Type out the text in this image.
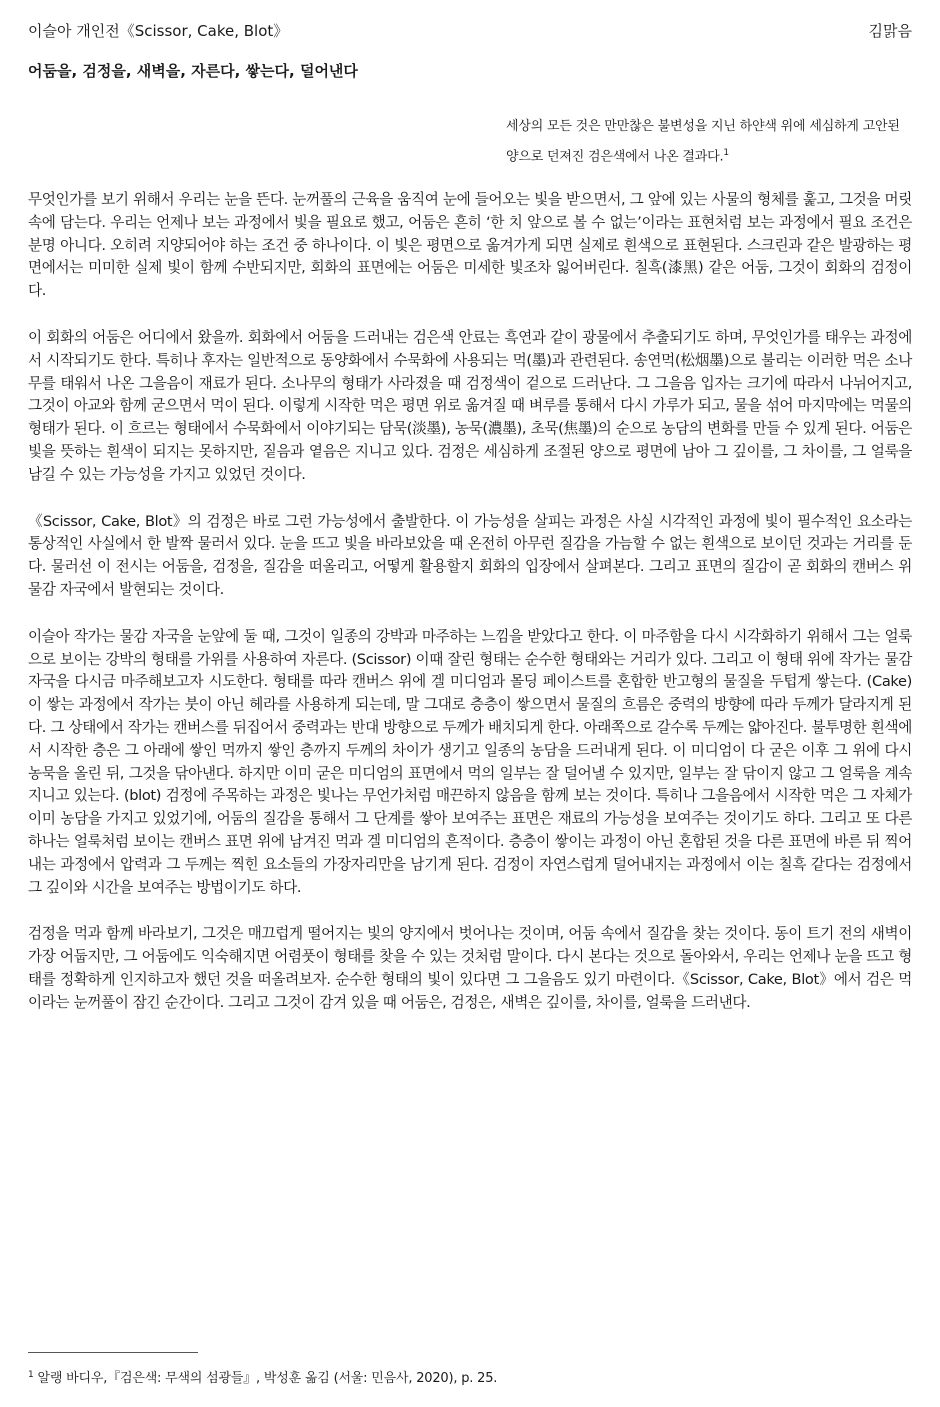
이슬아 개인전《Scissor, Cake, Blot》	김맑음
어둠을, 검정을, 새벽을, 자른다, 쌓는다, 덜어낸다
세상의 모든 것은 만만찮은 불변성을 지닌 하얀색 위에 세심하게 고안된 양으로 던져진 검은색에서 나온 결과다.$^1$

무엇인가를 보기 위해서 우리는 눈을 뜬다. 눈꺼풀의 근육을 움직여 눈에 들어오는 빛을 받으면서, 그 앞에 있는 사물의 형체를 훑고, 그것을 머릿속에 담는다. 우리는 언제나 보는 과정에서 빛을 필요로 했고, 어둠은 흔히 ‘한 치 앞으로 볼 수 없는’이라는 표현처럼 보는 과정에서 필요 조건은 분명 아니다. 오히려 지양되어야 하는 조건 중 하나이다. 이 빛은 평면으로 옮겨가게 되면 실제로 흰색으로 표현된다. 스크린과 같은 발광하는 평면에서는 미미한 실제 빛이 함께 수반되지만, 회화의 표면에는 어둠은 미세한 빛조차 잃어버린다. 칠흑(漆黑) 같은 어둠, 그것이 회화의 검정이다.

이 회화의 어둠은 어디에서 왔을까. 회화에서 어둠을 드러내는 검은색 안료는 흑연과 같이 광물에서 추출되기도 하며, 무엇인가를 태우는 과정에서 시작되기도 한다. 특히나 후자는 일반적으로 동양화에서 수묵화에 사용되는 먹(墨)과 관련된다. 송연먹(松烟墨)으로 불리는 이러한 먹은 소나무를 태워서 나온 그을음이 재료가 된다. 소나무의 형태가 사라졌을 때 검정색이 겉으로 드러난다. 그 그을음 입자는 크기에 따라서 나뉘어지고, 그것이 아교와 함께 굳으면서 먹이 된다. 이렇게 시작한 먹은 평면 위로 옮겨질 때 벼루를 통해서 다시 가루가 되고, 물을 섞어 마지막에는 먹물의 형태가 된다. 이 흐르는 형태에서 수묵화에서 이야기되는 담묵(淡墨), 농묵(濃墨), 초묵(焦墨)의 순으로 농담의 변화를 만들 수 있게 된다. 어둠은 빛을 뜻하는 흰색이 되지는 못하지만, 짙음과 옅음은 지니고 있다. 검정은 세심하게 조절된 양으로 평면에 남아 그 깊이를, 그 차이를, 그 얼룩을 남길 수 있는 가능성을 가지고 있었던 것이다.

《Scissor, Cake, Blot》의 검정은 바로 그런 가능성에서 출발한다. 이 가능성을 살피는 과정은 사실 시각적인 과정에 빛이 필수적인 요소라는 통상적인 사실에서 한 발짝 물러서 있다. 눈을 뜨고 빛을 바라보았을 때 온전히 아무런 질감을 가늠할 수 없는 흰색으로 보이던 것과는 거리를 둔다. 물러선 이 전시는 어둠을, 검정을, 질감을 떠올리고, 어떻게 활용할지 회화의 입장에서 살펴본다. 그리고 표면의 질감이 곧 회화의 캔버스 위 물감 자국에서 발현되는 것이다.

이슬아 작가는 물감 자국을 눈앞에 둘 때, 그것이 일종의 강박과 마주하는 느낌을 받았다고 한다. 이 마주함을 다시 시각화하기 위해서 그는 얼룩으로 보이는 강박의 형태를 가위를 사용하여 자른다. (Scissor) 이때 잘린 형태는 순수한 형태와는 거리가 있다. 그리고 이 형태 위에 작가는 물감 자국을 다시금 마주해보고자 시도한다. 형태를 따라 캔버스 위에 겔 미디엄과 몰딩 페이스트를 혼합한 반고형의 물질을 두텁게 쌓는다. (Cake) 이 쌓는 과정에서 작가는 붓이 아닌 헤라를 사용하게 되는데, 말 그대로 층층이 쌓으면서 물질의 흐름은 중력의 방향에 따라 두께가 달라지게 된다. 그 상태에서 작가는 캔버스를 뒤집어서 중력과는 반대 방향으로 두께가 배치되게 한다. 아래쪽으로 갈수록 두께는 얇아진다. 불투명한 흰색에서 시작한 층은 그 아래에 쌓인 먹까지 쌓인 층까지 두께의 차이가 생기고 일종의 농담을 드러내게 된다. 이 미디엄이 다 굳은 이후 그 위에 다시 농묵을 올린 뒤, 그것을 닦아낸다. 하지만 이미 굳은 미디엄의 표면에서 먹의 일부는 잘 덜어낼 수 있지만, 일부는 잘 닦이지 않고 그 얼룩을 계속 지니고 있는다. (blot) 검정에 주목하는 과정은 빛나는 무언가처럼 매끈하지 않음을 함께 보는 것이다. 특히나 그을음에서 시작한 먹은 그 자체가 이미 농담을 가지고 있었기에, 어둠의 질감을 통해서 그 단계를 쌓아 보여주는 표면은 재료의 가능성을 보여주는 것이기도 하다. 그리고 또 다른 하나는 얼룩처럼 보이는 캔버스 표면 위에 남겨진 먹과 겔 미디엄의 흔적이다. 층층이 쌓이는 과정이 아닌 혼합된 것을 다른 표면에 바른 뒤 찍어내는 과정에서 압력과 그 두께는 찍힌 요소들의 가장자리만을 남기게 된다. 검정이 자연스럽게 덜어내지는 과정에서 이는 칠흑 같다는 검정에서 그 깊이와 시간을 보여주는 방법이기도 하다.

검정을 먹과 함께 바라보기, 그것은 매끄럽게 떨어지는 빛의 양지에서 벗어나는 것이며, 어둠 속에서 질감을 찾는 것이다. 동이 트기 전의 새벽이 가장 어둡지만, 그 어둠에도 익숙해지면 어렴풋이 형태를 찾을 수 있는 것처럼 말이다. 다시 본다는 것으로 돌아와서, 우리는 언제나 눈을 뜨고 형태를 정확하게 인지하고자 했던 것을 떠올려보자. 순수한 형태의 빛이 있다면 그 그을음도 있기 마련이다.《Scissor, Cake, Blot》에서 검은 먹이라는 눈꺼풀이 잠긴 순간이다. 그리고 그것이 감겨 있을 때 어둠은, 검정은, 새벽은 깊이를, 차이를, 얼룩을 드러낸다.

$^1$ 알랭 바디우,『검은색: 무색의 섬광들』, 박성훈 옮김 (서울: 민음사, 2020), p. 25.
